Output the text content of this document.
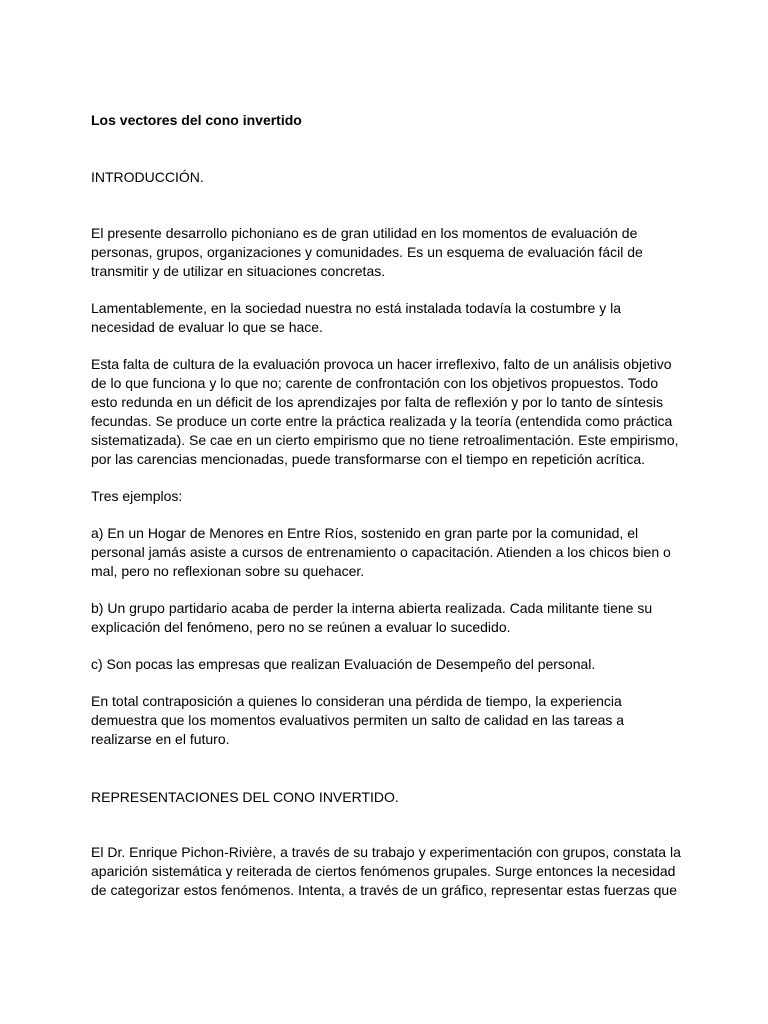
Los vectores del cono invertido

INTRODUCCIÓN.

El presente desarrollo pichoniano es de gran utilidad en los momentos de evaluación de personas, grupos, organizaciones y comunidades. Es un esquema de evaluación fácil de transmitir y de utilizar en situaciones concretas.

Lamentablemente, en la sociedad nuestra no está instalada todavía la costumbre y la necesidad de evaluar lo que se hace.

Esta falta de cultura de la evaluación provoca un hacer irreflexivo, falto de un análisis objetivo de lo que funciona y lo que no; carente de confrontación con los objetivos propuestos. Todo esto redunda en un déficit de los aprendizajes por falta de reflexión y por lo tanto de síntesis fecundas. Se produce un corte entre la práctica realizada y la teoría (entendida como práctica sistematizada). Se cae en un cierto empirismo que no tiene retroalimentación. Este empirismo, por las carencias mencionadas, puede transformarse con el tiempo en repetición acrítica.

Tres ejemplos:

a) En un Hogar de Menores en Entre Ríos, sostenido en gran parte por la comunidad, el personal jamás asiste a cursos de entrenamiento o capacitación. Atienden a los chicos bien o mal, pero no reflexionan sobre su quehacer.

b) Un grupo partidario acaba de perder la interna abierta realizada. Cada militante tiene su explicación del fenómeno, pero no se reúnen a evaluar lo sucedido.

c) Son pocas las empresas que realizan Evaluación de Desempeño del personal.

En total contraposición a quienes lo consideran una pérdida de tiempo, la experiencia demuestra que los momentos evaluativos permiten un salto de calidad en las tareas a realizarse en el futuro.

REPRESENTACIONES DEL CONO INVERTIDO.

El Dr. Enrique Pichon-Rivière, a través de su trabajo y experimentación con grupos, constata la aparición sistemática y reiterada de ciertos fenómenos grupales. Surge entonces la necesidad de categorizar estos fenómenos. Intenta, a través de un gráfico, representar estas fuerzas que
